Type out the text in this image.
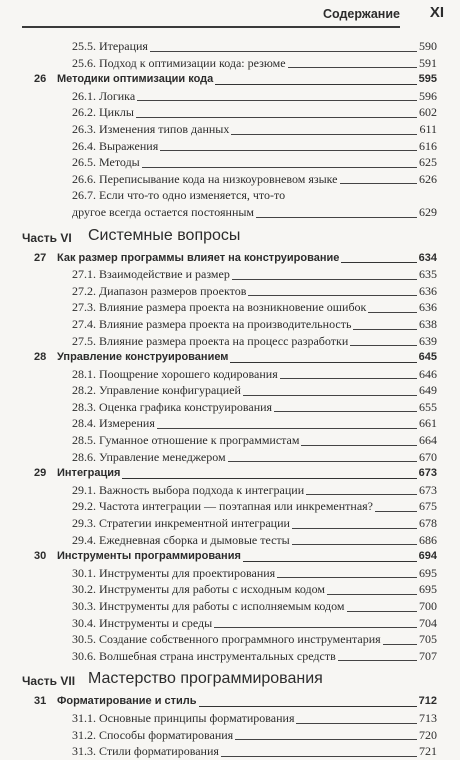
Содержание XI
25.5. Итерация	590
25.6. Подход к оптимизации кода: резюме	591
26 Методики оптимизации кода	595
26.1. Логика	596
26.2. Циклы	602
26.3. Изменения типов данных	611
26.4. Выражения	616
26.5. Методы	625
26.6. Переписывание кода на низкоуровневом языке	626
26.7. Если что-то одно изменяется, что-то
другое всегда остается постоянным	629
Часть VI Системные вопросы
27 Как размер программы влияет на конструирование	634
27.1. Взаимодействие и размер	635
27.2. Диапазон размеров проектов	636
27.3. Влияние размера проекта на возникновение ошибок	636
27.4. Влияние размера проекта на производительность	638
27.5. Влияние размера проекта на процесс разработки	639
28 Управление конструированием	645
28.1. Поощрение хорошего кодирования	646
28.2. Управление конфигурацией	649
28.3. Оценка графика конструирования	655
28.4. Измерения	661
28.5. Гуманное отношение к программистам	664
28.6. Управление менеджером	670
29 Интеграция	673
29.1. Важность выбора подхода к интеграции	673
29.2. Частота интеграции — поэтапная или инкрементная?	675
29.3. Стратегии инкрементной интеграции	678
29.4. Ежедневная сборка и дымовые тесты	686
30 Инструменты программирования	694
30.1. Инструменты для проектирования	695
30.2. Инструменты для работы с исходным кодом	695
30.3. Инструменты для работы с исполняемым кодом	700
30.4. Инструменты и среды	704
30.5. Создание собственного программного инструментария	705
30.6. Волшебная страна инструментальных средств	707
Часть VII Мастерство программирования
31 Форматирование и стиль	712
31.1. Основные принципы форматирования	713
31.2. Способы форматирования	720
31.3. Стили форматирования	721
